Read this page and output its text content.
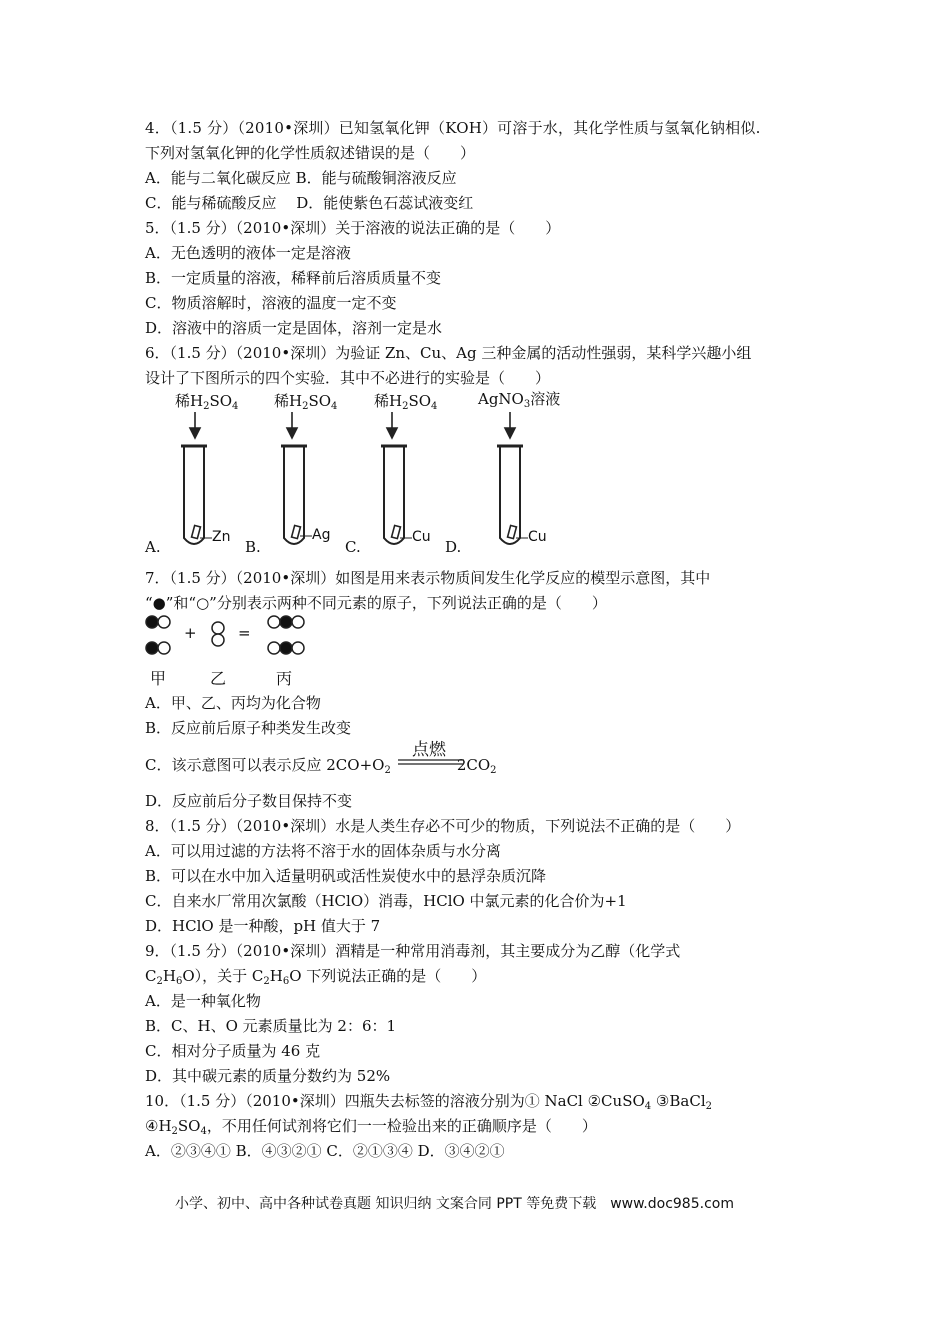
4．（1.5 分）（2010•深圳）已知氢氧化钾（KOH）可溶于水，其化学性质与氢氧化钠相似.
下列对氢氧化钾的化学性质叙述错误的是（　　）
A．能与二氧化碳反应 B．能与硫酸铜溶液反应
C．能与稀硫酸反应　 D．能使紫色石蕊试液变红
5．（1.5 分）（2010•深圳）关于溶液的说法正确的是（　　）
A．无色透明的液体一定是溶液
B．一定质量的溶液，稀释前后溶质质量不变
C．物质溶解时，溶液的温度一定不变
D．溶液中的溶质一定是固体，溶剂一定是水
6．（1.5 分）（2010•深圳）为验证 Zn、Cu、Ag 三种金属的活动性强弱，某科学兴趣小组
设计了下图所示的四个实验．其中不必进行的实验是（　　）
稀$H_2SO_4$ 稀$H_2SO_4$ 稀$H_2SO_4$	AgNO$_3$溶液
Zn	Ag	Cu	Cu
A.	B.	C.	D.
7．（1.5 分）（2010•深圳）如图是用来表示物质间发生化学反应的模型示意图，其中
“●”和“○”分别表示两种不同元素的原子，下列说法正确的是（　　）
+	=
甲	乙	丙
A．甲、乙、丙均为化合物
B．反应前后原子种类发生改变
C．该示意图可以表示反应 $2CO+O_2$	$2CO_2$
点燃
D．反应前后分子数目保持不变
8．（1.5 分）（2010•深圳）水是人类生存必不可少的物质，下列说法不正确的是（　　）
A．可以用过滤的方法将不溶于水的固体杂质与水分离
B．可以在水中加入适量明矾或活性炭使水中的悬浮杂质沉降
C．自来水厂常用次氯酸（HClO）消毒，HClO 中氯元素的化合价为+1
D．HClO 是一种酸，pH 值大于 7
9．（1.5 分）（2010•深圳）酒精是一种常用消毒剂，其主要成分为乙醇（化学式
$C_2H_6O$），关于 $C_2H_6O$ 下列说法正确的是（　　）
A．是一种氧化物
B．C、H、O 元素质量比为 2：6：1
C．相对分子质量为 46 克
D．其中碳元素的质量分数约为 52%
10．（1.5 分）（2010•深圳）四瓶失去标签的溶液分别为① NaCl ②CuSO$_4$ ③BaCl$_2$
$④H_2SO_4$，不用任何试剂将它们一一检验出来的正确顺序是（　　）
A．②③④① B．④③②① C．②①③④ D．③④②①
小学、初中、高中各种试卷真题 知识归纳 文案合同 PPT 等免费下载　www.doc985.com
